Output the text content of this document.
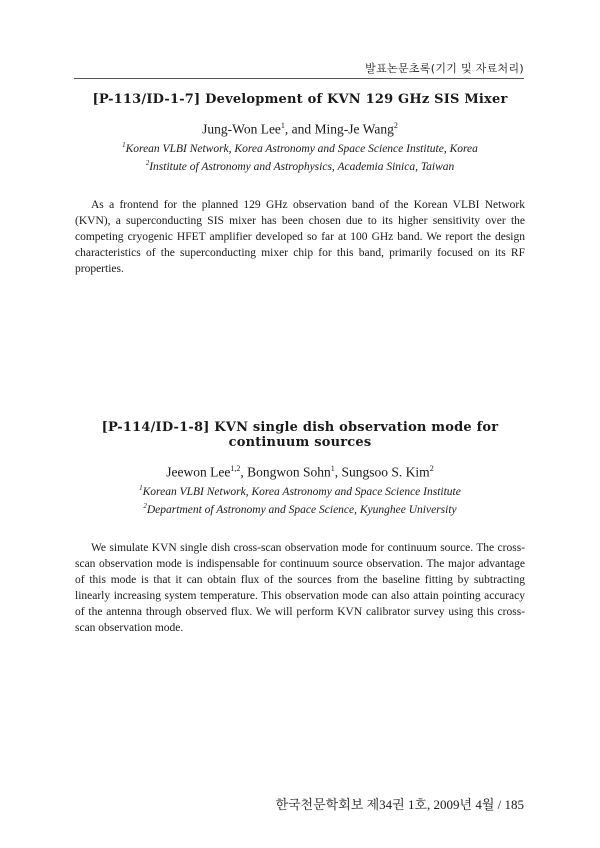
발표논문초록(기기 및 자료처리)
[P-113/ID-1-7] Development of KVN 129 GHz SIS Mixer
Jung-Won Lee$^1$, and Ming-Je Wang$^2$
$^1$Korean VLBI Network, Korea Astronomy and Space Science Institute, Korea
$^2$Institute of Astronomy and Astrophysics, Academia Sinica, Taiwan

As a frontend for the planned 129 GHz observation band of the Korean VLBI Network (KVN), a superconducting SIS mixer has been chosen due to its higher sensitivity over the competing cryogenic HFET amplifier developed so far at 100 GHz band. We report the design characteristics of the superconducting mixer chip for this band, primarily focused on its RF properties.

[P-114/ID-1-8] KVN single dish observation mode for continuum sources
Jeewon Lee$^{1,2}$, Bongwon Sohn$^1$, Sungsoo S. Kim$^2$
$^1$Korean VLBI Network, Korea Astronomy and Space Science Institute
$^2$Department of Astronomy and Space Science, Kyunghee University

We simulate KVN single dish cross-scan observation mode for continuum source. The cross-scan observation mode is indispensable for continuum source observation. The major advantage of this mode is that it can obtain flux of the sources from the baseline fitting by subtracting linearly increasing system temperature. This observation mode can also attain pointing accuracy of the antenna through observed flux. We will perform KVN calibrator survey using this cross-scan observation mode.

한국천문학회보 제34권 1호, 2009년 4월 / 185
